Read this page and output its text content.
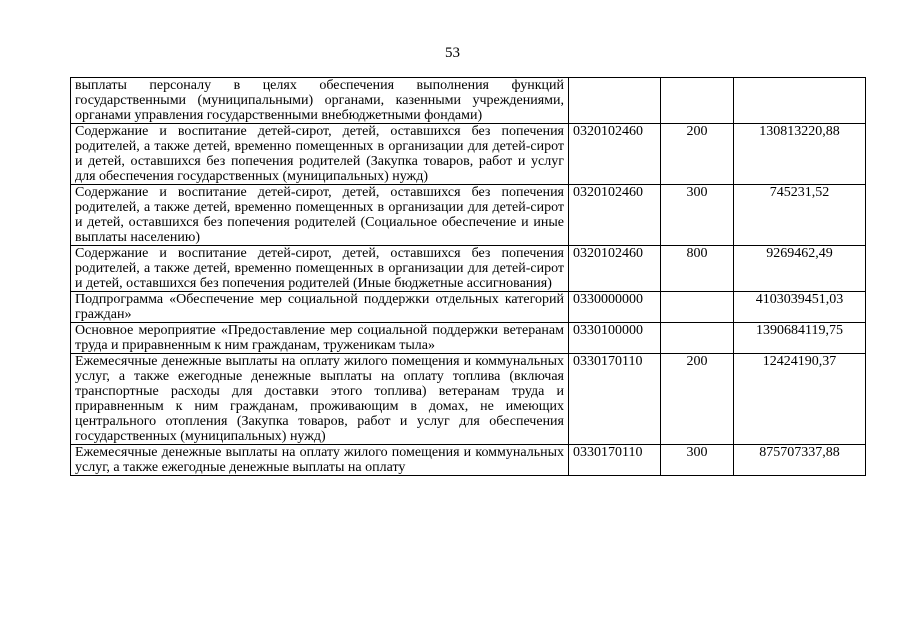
53
выплаты персоналу в целях обеспечения выполнения функций государственными (муниципальными) органами, казенными учреждениями, органами управления государственными внебюджетными фондами)			
Содержание и воспитание детей-сирот, детей, оставшихся без попечения родителей, а также детей, временно помещенных в организации для детей-сирот и детей, оставшихся без попечения родителей (Закупка товаров, работ и услуг для обеспечения государственных (муниципальных) нужд)	0320102460	200	130813220,88
Содержание и воспитание детей-сирот, детей, оставшихся без попечения родителей, а также детей, временно помещенных в организации для детей-сирот и детей, оставшихся без попечения родителей (Социальное обеспечение и иные выплаты населению)	0320102460	300	745231,52
Содержание и воспитание детей-сирот, детей, оставшихся без попечения родителей, а также детей, временно помещенных в организации для детей-сирот и детей, оставшихся без попечения родителей (Иные бюджетные ассигнования)	0320102460	800	9269462,49
Подпрограмма «Обеспечение мер социальной поддержки отдельных категорий граждан»	0330000000		4103039451,03
Основное мероприятие «Предоставление мер социальной поддержки ветеранам труда и приравненным к ним гражданам, труженикам тыла»	0330100000		1390684119,75
Ежемесячные денежные выплаты на оплату жилого помещения и коммунальных услуг, а также ежегодные денежные выплаты на оплату топлива (включая транспортные расходы для доставки этого топлива) ветеранам труда и приравненным к ним гражданам, проживающим в домах, не имеющих центрального отопления (Закупка товаров, работ и услуг для обеспечения государственных (муниципальных) нужд)	0330170110	200	12424190,37
Ежемесячные денежные выплаты на оплату жилого помещения и коммунальных услуг, а также ежегодные денежные выплаты на оплату	0330170110	300	875707337,88
